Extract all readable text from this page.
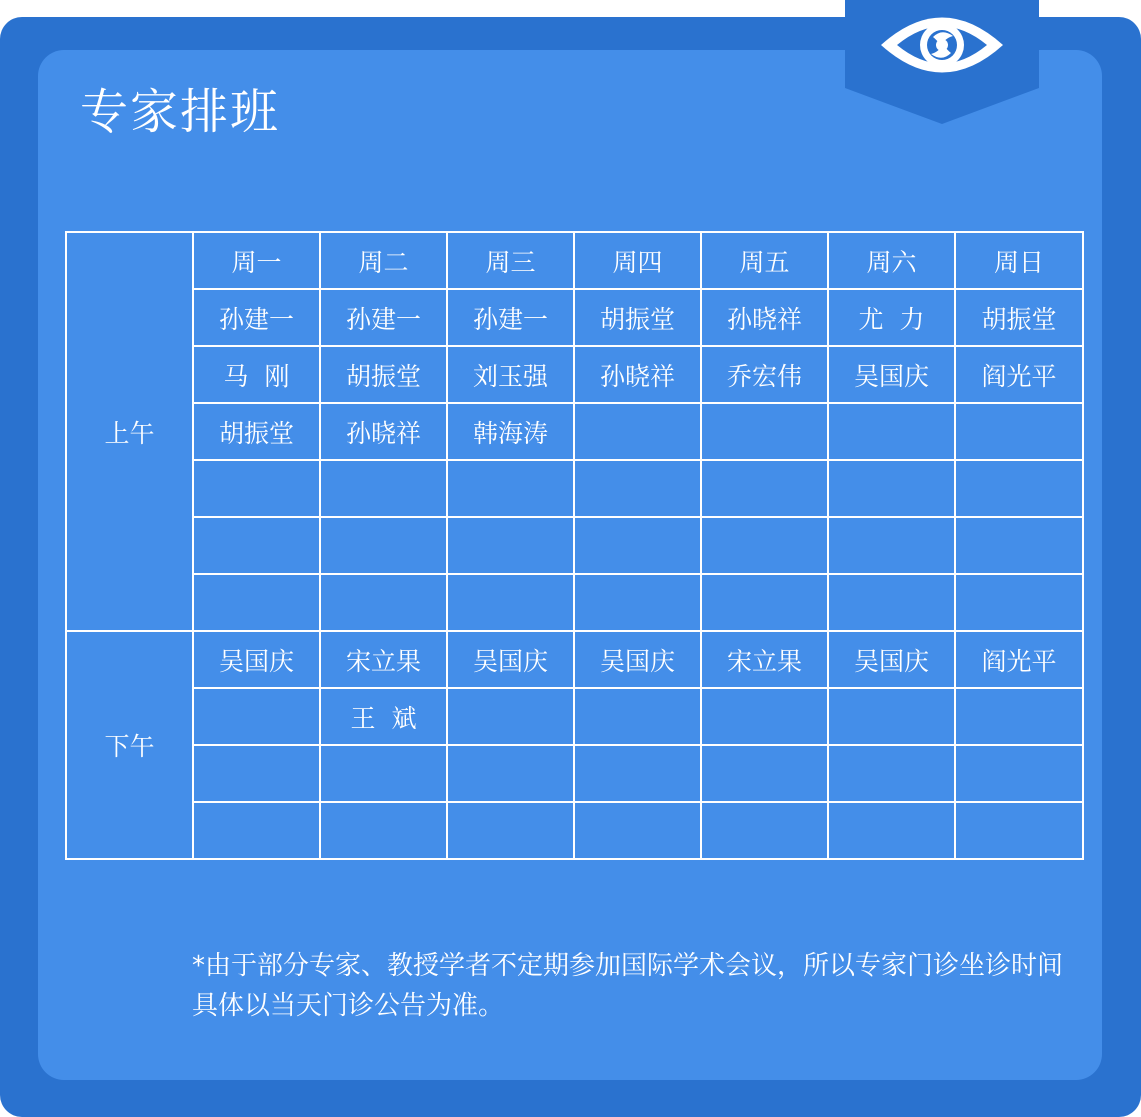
专家排班
上午	周一	周二	周三	周四	周五	周六	周日
	孙建一	孙建一	孙建一	胡振堂	孙晓祥	尤  力	胡振堂
	马  刚	胡振堂	刘玉强	孙晓祥	乔宏伟	吴国庆	阎光平
	胡振堂	孙晓祥	韩海涛				

下午	吴国庆	宋立果	吴国庆	吴国庆	宋立果	吴国庆	阎光平
		王  斌					

*由于部分专家、教授学者不定期参加国际学术会议，所以专家门诊坐诊时间具体以当天门诊公告为准。
